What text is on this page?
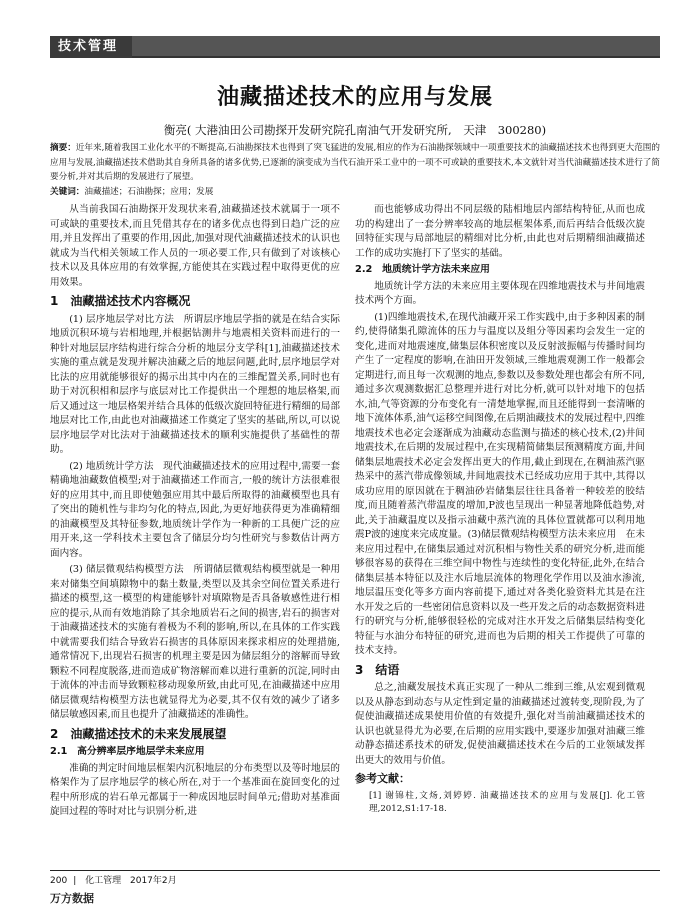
技术管理
油藏描述技术的应用与发展
衡亮( 大港油田公司勘探开发研究院孔南油气开发研究所,　天津　300280)
摘要：近年来,随着我国工业化水平的不断提高,石油勘探技术也得到了突飞猛进的发展,相应的作为石油勘探领域中一项重要技术的油藏描述技术也得到更大范围的应用与发展,油藏描述技术借助其自身所具备的诸多优势,已逐渐的演变成为当代石油开采工业中的一项不可或缺的重要技术,本文就针对当代油藏描述技术进行了简要分析,并对其后期的发展进行了展望。
关键词：油藏描述；石油勘探；应用；发展

从当前我国石油勘探开发现状来看,油藏描述技术就属于一项不可或缺的重要技术,而且凭借其存在的诸多优点也得到日趋广泛的应用,并且发挥出了重要的作用,因此,加强对现代油藏描述技术的认识也就成为当代相关领域工作人员的一项必要工作,只有做到了对该核心技术以及具体应用的有效掌握,方能使其在实践过程中取得更优的应用效果。

1　油藏描述技术内容概况

(1) 层序地层学对比方法　所谓层序地层学指的就是在结合实际地质沉积环境与岩相地理,并根据钻测井与地震相关资料而进行的一种针对地层层序结构进行综合分析的地层分支学科[1],油藏描述技术实施的重点就是发现并解决油藏之后的地层问题,此时,层序地层学对比法的应用就能够很好的揭示出其中内在的三维配置关系,同时也有助于对沉积相和层序与底层对比工作提供出一个理想的地层格架,而后又通过这一地层格架并结合具体的低级次旋回特征进行精细的局部地层对比工作,由此也对油藏描述工作奠定了坚实的基础,所以,可以说层序地层学对比法对于油藏描述技术的顺利实施提供了基础性的帮助。

(2) 地质统计学方法　现代油藏描述技术的应用过程中,需要一套精确地油藏数值模型;对于油藏描述工作而言,一般的统计方法很难很好的应用其中,而且即使勉强应用其中最后所取得的油藏模型也具有了突出的随机性与非均匀化的特点,因此,为更好地获得更为准确精细的油藏模型及其特征参数,地质统计学作为一种新的工具便广泛的应用开来,这一学科技术主要包含了储层分均匀性研究与参数估计两方面内容。

(3) 储层微观结构模型方法　所谓储层微观结构模型就是一种用来对储集空间填隙物中的黏土数量,类型以及其余空间位置关系进行描述的模型,这一模型的构建能够针对填隙物是否具备敏感性进行相应的提示,从而有效地消除了其余地质岩石之间的损害,岩石的损害对于油藏描述技术的实施有着极为不利的影响,所以,在具体的工作实践中就需要我们结合导致岩石损害的具体原因来探求相应的处理措施,通常情况下,出现岩石损害的机理主要是因为储层组分的溶解而导致颗粒不同程度脱落,进而造成矿物溶解而难以进行重新的沉淀,同时由于流体的冲击而导致颗粒移动现象所致,由此可见,在油藏描述中应用储层微观结构模型方法也就显得尤为必要,其不仅有效的减少了诸多储层敏感因素,而且也提升了油藏描述的准确性。

2　油藏描述技术的未来发展展望
2.1　高分辨率层序地层学未来应用

准确的判定时间地层框架内沉积地层的分布类型以及等时地层的格架作为了层序地层学的核心所在,对于一个基准面在旋回变化的过程中所形成的岩石单元都属于一种成因地层时间单元;借助对基准面旋回过程的等时对比与识别分析,进

而也能够成功得出不同层级的陆相地层内部结构特征,从而也成功的构建出了一套分辨率较高的地层框架体系,而后再结合低级次旋回特征实现与局部地层的精细对比分析,由此也对后期精细油藏描述工作的成功实施打下了坚实的基础。

2.2　地质统计学方法未来应用

地质统计学方法的未来应用主要体现在四维地震技术与井间地震技术两个方面。

(1)四维地震技术,在现代油藏开采工作实践中,由于多种因素的制约,使得储集孔隙流体的压力与温度以及组分等因素均会发生一定的变化,进而对地震速度,储集层体积密度以及反射波振幅与传播时间均产生了一定程度的影响,在油田开发领域,三维地震观测工作一般都会定期进行,而且每一次观测的地点,参数以及参数处理也都会有所不同,通过多次观测数据汇总整理并进行对比分析,就可以针对地下的包括水,油,气等资源的分布变化有一清楚地掌握,而且还能得到一套清晰的地下流体体系,油气运移空间图像,在后期油藏技术的发展过程中,四维地震技术也必定会逐渐成为油藏动态监测与描述的核心技术,(2)井间地震技术,在后期的发展过程中,在实现精简储集层预测精度方面,井间储集层地震技术必定会发挥出更大的作用,截止到现在,在稠油蒸汽驱热采中的蒸汽带成像领域,井间地震技术已经成功应用于其中,其得以成功应用的原因就在于稠油砂岩储集层往往具备着一种较差的胶结度,而且随着蒸汽带温度的增加,P波也呈现出一种显著地降低趋势,对此,关于油藏温度以及指示油藏中蒸汽流的具体位置就都可以利用地震P波的速度来完成度量。(3)储层微观结构模型方法未来应用　在未来应用过程中,在储集层通过对沉积相与物性关系的研究分析,进而能够很容易的获得在三维空间中物性与连续性的变化特征,此外,在结合储集层基本特征以及注水后地层流体的物理化学作用以及油水渗流,地层温压变化等多方面内容前提下,通过对各类化验资料尤其是在注水开发之后的一些密闭信息资料以及一些开发之后的动态数据资料进行的研究与分析,能够很轻松的完成对注水开发之后储集层结构变化特征与水油分布特征的研究,进而也为后期的相关工作提供了可靠的技术支持。

3　结语

总之,油藏发展技术真正实现了一种从二维到三维,从宏观到微观以及从静态到动态与从定性到定量的油藏描述过渡转变,现阶段,为了促使油藏描述成果使用价值的有效提升,强化对当前油藏描述技术的认识也就显得尤为必要,在后期的应用实践中,要逐步加强对油藏三维动静态描述系技术的研发,促使油藏描述技术在今后的工业领域发挥出更大的效用与价值。

参考文献：
[1] 谢锦柱,文炀,刘婷婷. 油藏描述技术的应用与发展[J]. 化工管理,2012,S1:17-18.
200 | 化工管理 2017年2月
万方数据
